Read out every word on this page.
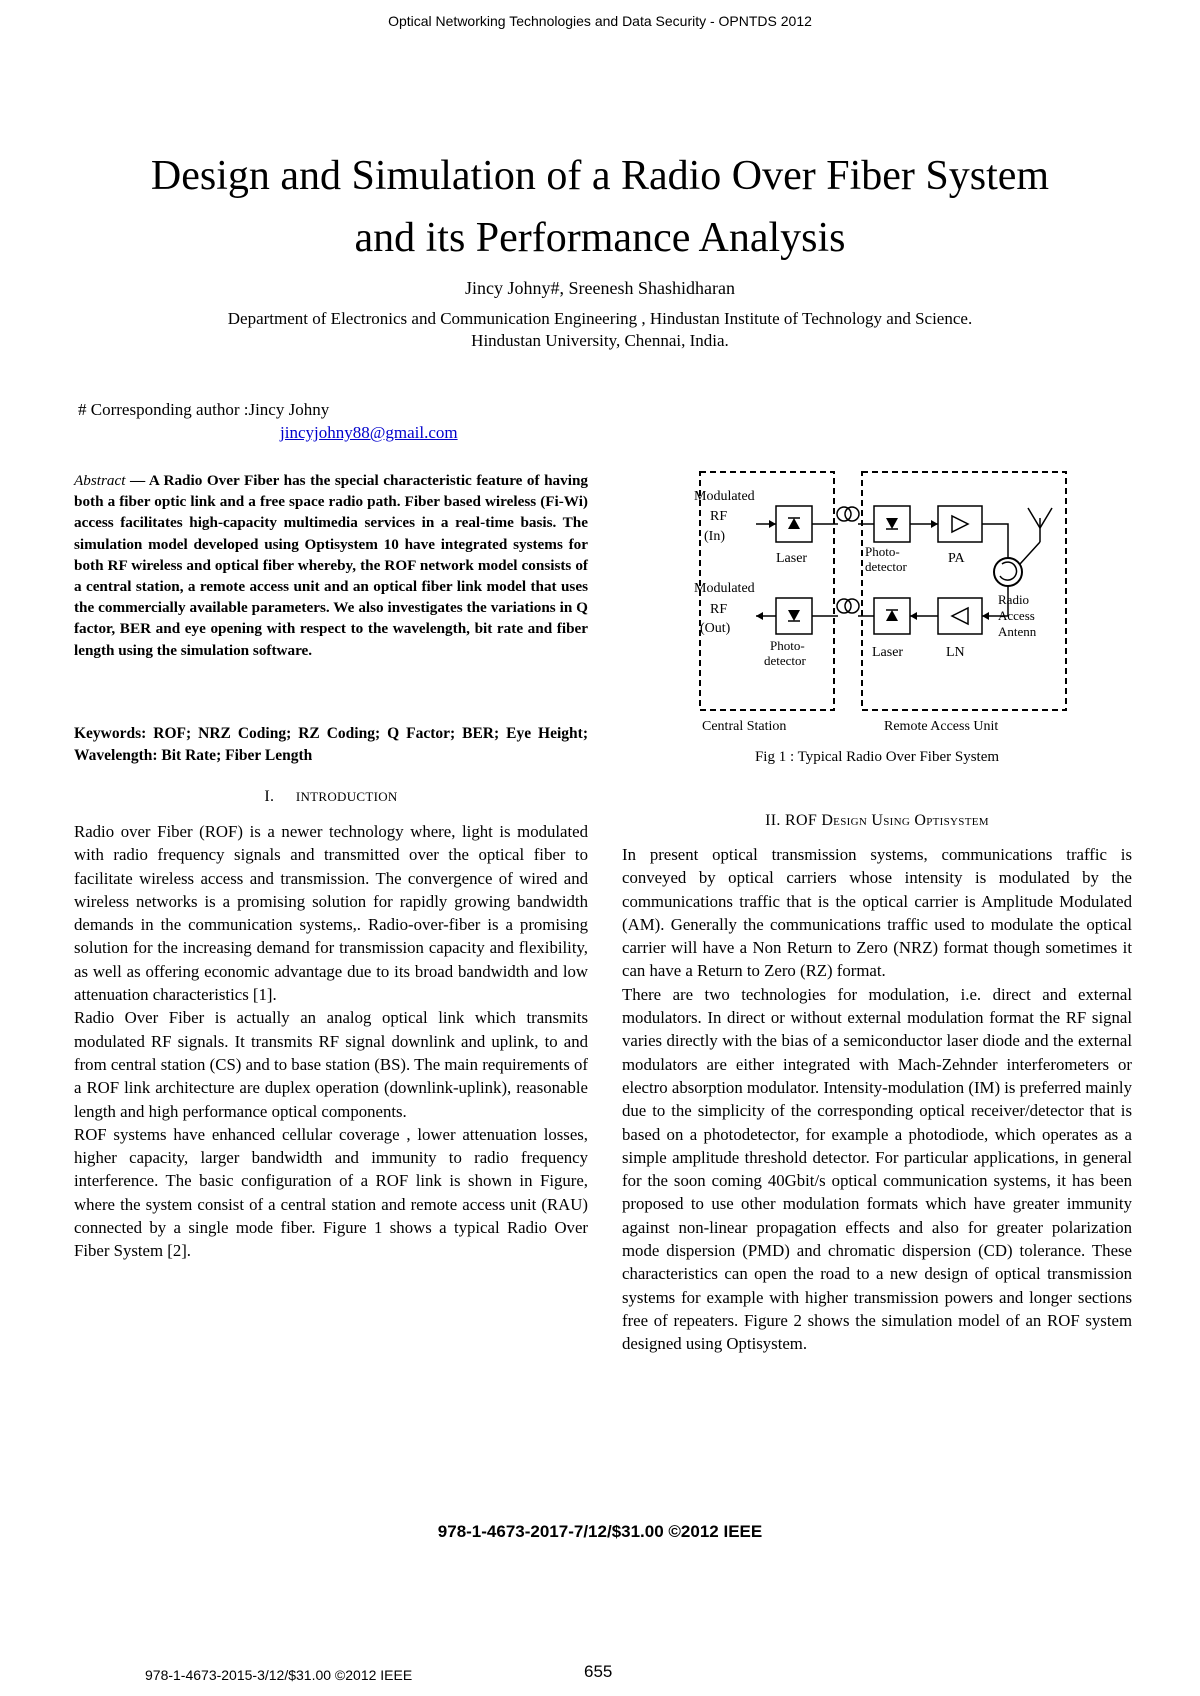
Optical Networking Technologies and Data Security - OPNTDS 2012
Design and Simulation of a Radio Over Fiber System
and its Performance Analysis
Jincy Johny#, Sreenesh Shashidharan
Department of Electronics and Communication Engineering , Hindustan Institute of Technology and Science.
Hindustan University, Chennai, India.
# Corresponding author :Jincy Johny
jincyjohny88@gmail.com
Abstract — A Radio Over Fiber has the special characteristic feature of having both a fiber optic link and a free space radio path. Fiber based wireless (Fi-Wi) access facilitates high-capacity multimedia services in a real-time basis. The simulation model developed using Optisystem 10 have integrated systems for both RF wireless and optical fiber whereby, the ROF network model consists of a central station, a remote access unit and an optical fiber link model that uses the commercially available parameters. We also investigates the variations in Q factor, BER and eye opening with respect to the wavelength, bit rate and fiber length using the simulation software.
Keywords: ROF; NRZ Coding; RZ Coding; Q Factor; BER; Eye Height; Wavelength: Bit Rate; Fiber Length
I. INTRODUCTION

Radio over Fiber (ROF) is a newer technology where, light is modulated with radio frequency signals and transmitted over the optical fiber to facilitate wireless access and transmission. The convergence of wired and wireless networks is a promising solution for rapidly growing bandwidth demands in the communication systems,. Radio-over-fiber is a promising solution for the increasing demand for transmission capacity and flexibility, as well as offering economic advantage due to its broad bandwidth and low attenuation characteristics [1].

Radio Over Fiber is actually an analog optical link which transmits modulated RF signals. It transmits RF signal downlink and uplink, to and from central station (CS) and to base station (BS). The main requirements of a ROF link architecture are duplex operation (downlink-uplink), reasonable length and high performance optical components.

ROF systems have enhanced cellular coverage , lower attenuation losses, higher capacity, larger bandwidth and immunity to radio frequency interference. The basic configuration of a ROF link is shown in Figure, where the system consist of a central station and remote access unit (RAU) connected by a single mode fiber. Figure 1 shows a typical Radio Over Fiber System [2].

Modulated
RF
(In)
Laser	Photo-
detector
PA
Radio
Access
Antenn
Modulated
RF
(Out)
Photo-
detector
Laser	LN
Central Station	Remote Access Unit
Fig 1 : Typical Radio Over Fiber System
II. ROF Design Using Optisystem

In present optical transmission systems, communications traffic is conveyed by optical carriers whose intensity is modulated by the communications traffic that is the optical carrier is Amplitude Modulated (AM). Generally the communications traffic used to modulate the optical carrier will have a Non Return to Zero (NRZ) format though sometimes it can have a Return to Zero (RZ) format.

There are two technologies for modulation, i.e. direct and external modulators. In direct or without external modulation format the RF signal varies directly with the bias of a semiconductor laser diode and the external modulators are either integrated with Mach-Zehnder interferometers or electro absorption modulator. Intensity-modulation (IM) is preferred mainly due to the simplicity of the corresponding optical receiver/detector that is based on a photodetector, for example a photodiode, which operates as a simple amplitude threshold detector. For particular applications, in general for the soon coming 40Gbit/s optical communication systems, it has been proposed to use other modulation formats which have greater immunity against non-linear propagation effects and also for greater polarization mode dispersion (PMD) and chromatic dispersion (CD) tolerance. These characteristics can open the road to a new design of optical transmission systems for example with higher transmission powers and longer sections free of repeaters. Figure 2 shows the simulation model of an ROF system designed using Optisystem.

978-1-4673-2017-7/12/$31.00 ©2012 IEEE
978-1-4673-2015-3/12/$31.00 ©2012 IEEE	655
